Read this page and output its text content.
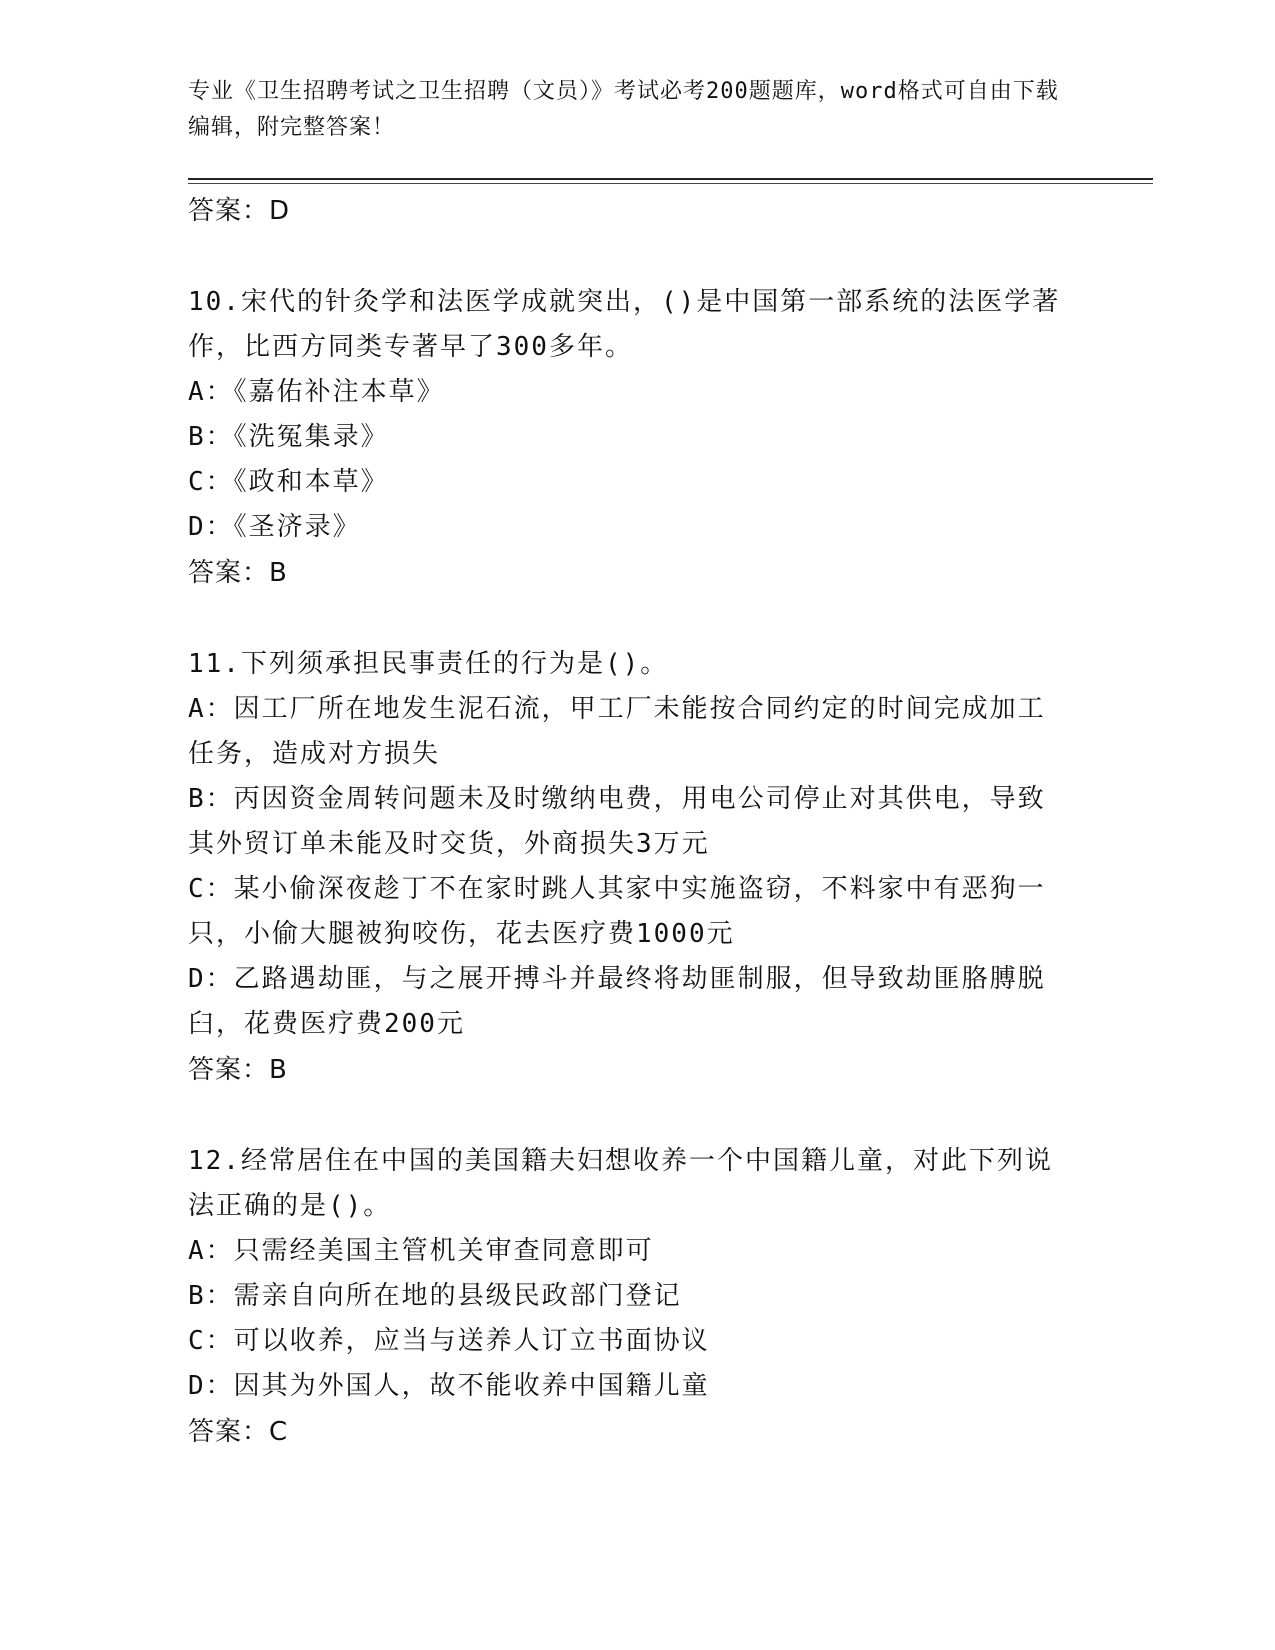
专业《卫生招聘考试之卫生招聘（文员）》考试必考200题题库，word格式可自由下载编辑，附完整答案！

答案：D

10.宋代的针灸学和法医学成就突出，()是中国第一部系统的法医学著作，比西方同类专著早了300多年。

A：《嘉佑补注本草》

B：《洗冤集录》

C：《政和本草》

D：《圣济录》

答案：B

11.下列须承担民事责任的行为是()。

A：因工厂所在地发生泥石流，甲工厂未能按合同约定的时间完成加工任务，造成对方损失

B：丙因资金周转问题未及时缴纳电费，用电公司停止对其供电，导致其外贸订单未能及时交货，外商损失3万元

C：某小偷深夜趁丁不在家时跳人其家中实施盗窃，不料家中有恶狗一只，小偷大腿被狗咬伤，花去医疗费1000元

D：乙路遇劫匪，与之展开搏斗并最终将劫匪制服，但导致劫匪胳膊脱臼，花费医疗费200元

答案：B

12.经常居住在中国的美国籍夫妇想收养一个中国籍儿童，对此下列说法正确的是()。

A：只需经美国主管机关审查同意即可

B：需亲自向所在地的县级民政部门登记

C：可以收养，应当与送养人订立书面协议

D：因其为外国人，故不能收养中国籍儿童

答案：C
